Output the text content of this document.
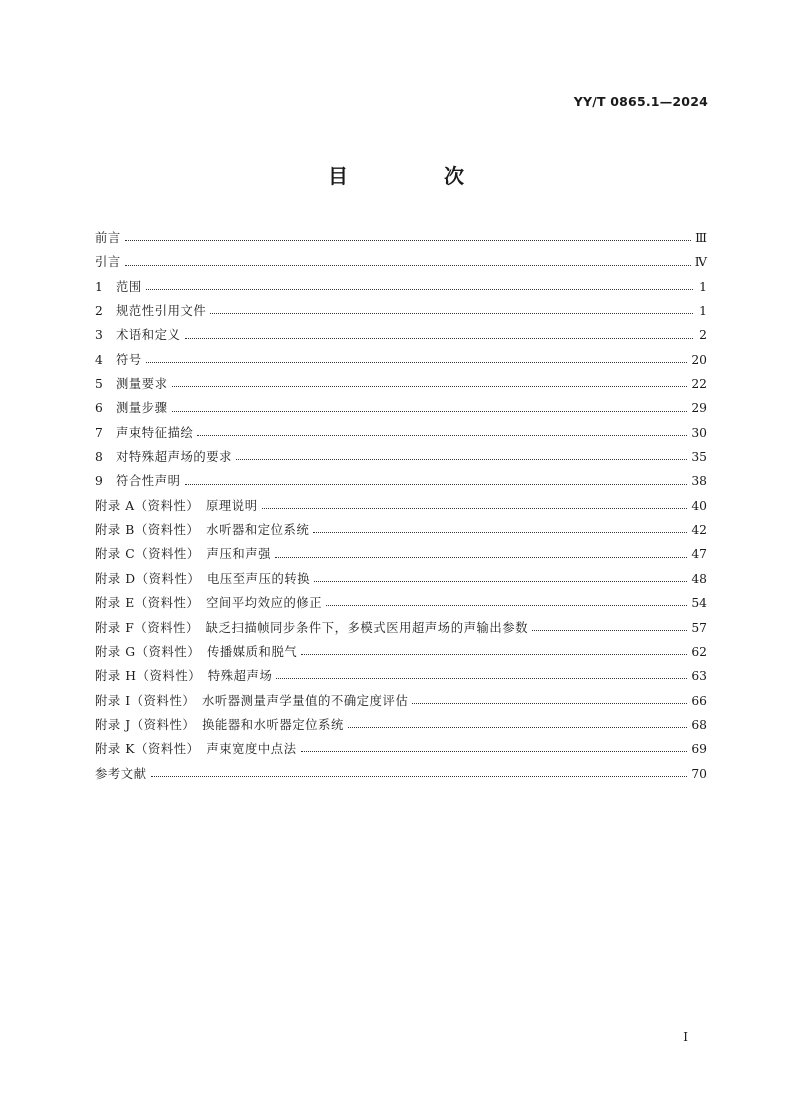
YY/T 0865.1—2024
目　次
前言	Ⅲ
引言	Ⅳ
1	范围	1
2	规范性引用文件	1
3	术语和定义	2
4	符号	20
5	测量要求	22
6	测量步骤	29
7	声束特征描绘	30
8	对特殊超声场的要求	35
9	符合性声明	38
附录 A（资料性）　原理说明	40
附录 B（资料性）　水听器和定位系统	42
附录 C（资料性）　声压和声强	47
附录 D（资料性）　电压至声压的转换	48
附录 E（资料性）　空间平均效应的修正	54
附录 F（资料性）　缺乏扫描帧同步条件下，多模式医用超声场的声输出参数	57
附录 G（资料性）　传播媒质和脱气	62
附录 H（资料性）　特殊超声场	63
附录 I（资料性）　水听器测量声学量值的不确定度评估	66
附录 J（资料性）　换能器和水听器定位系统	68
附录 K（资料性）　声束宽度中点法	69
参考文献	70
Ⅰ
